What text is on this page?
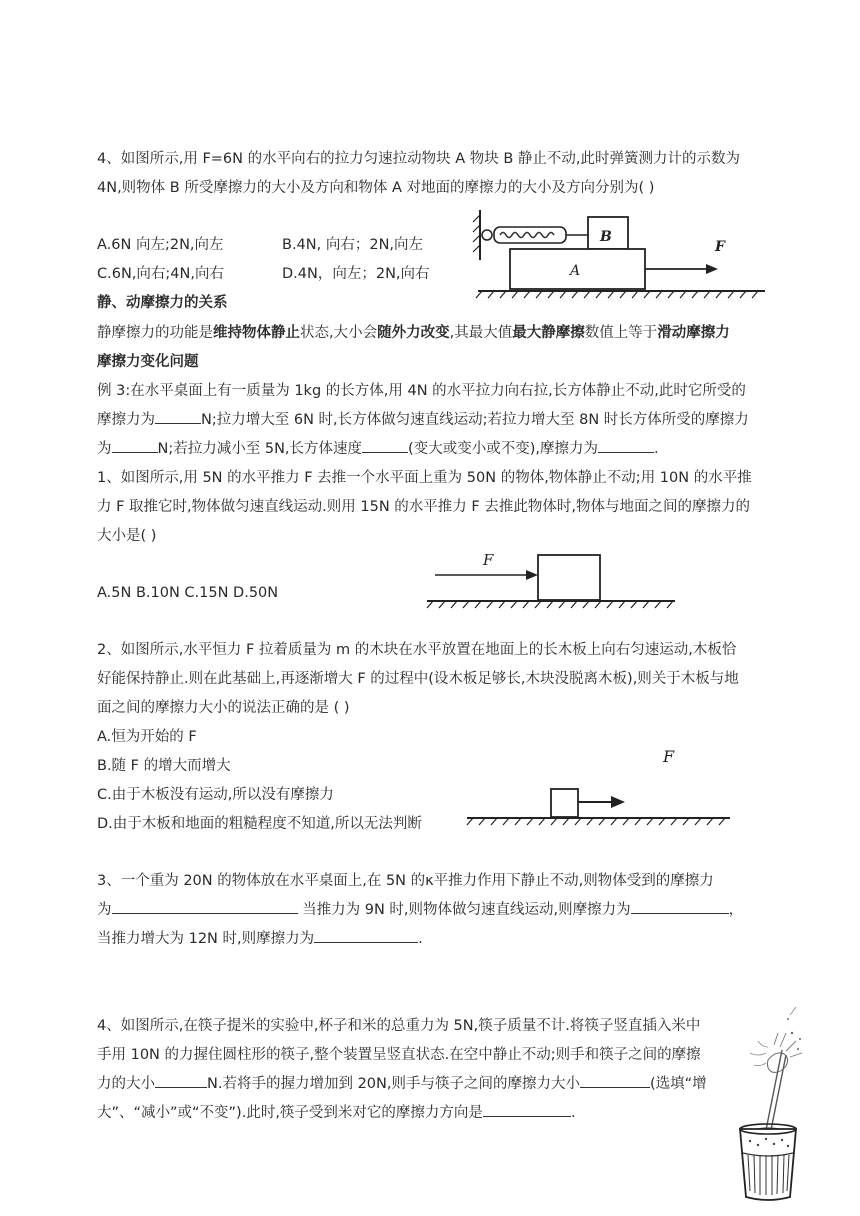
4、如图所示,用 F=6N 的水平向右的拉力匀速拉动物块 A 物块 B 静止不动,此时弹簧测力计的示数为
4N,则物体 B 所受摩擦力的大小及方向和物体 A 对地面的摩擦力的大小及方向分别为( )
A.6N 向左;2N,向左	B.4N, 向右；2N,向左
C.6N,向右;4N,向右	D.4N，向左；2N,向右
B
A
F
静、动摩擦力的关系
静摩擦力的功能是维持物体静止状态,大小会随外力改变,其最大值最大静摩擦数值上等于滑动摩擦力
摩擦力变化问题
例 3:在水平桌面上有一质量为 1kg 的长方体,用 4N 的水平拉力向右拉,长方体静止不动,此时它所受的
摩擦力为	N;拉力增大至 6N 时,长方体做匀速直线运动;若拉力增大至 8N 时长方体所受的摩擦力
为	N;若拉力减小至 5N,长方体速度	(变大或变小或不变),摩擦力为	.
1、如图所示,用 5N 的水平推力 F 去推一个水平面上重为 50N 的物体,物体静止不动;用 10N 的水平推
力 F 取推它时,物体做匀速直线运动.则用 15N 的水平推力 F 去推此物体时,物体与地面之间的摩擦力的
大小是( )
A.5N B.10N C.15N D.50N
F
2、如图所示,水平恒力 F 拉着质量为 m 的木块在水平放置在地面上的长木板上向右匀速运动,木板恰
好能保持静止.则在此基础上,再逐渐增大 F 的过程中(设木板足够长,木块没脱离木板),则关于木板与地
面之间的摩擦力大小的说法正确的是 ( )
A.恒为开始的 F
B.随 F 的增大而增大
C.由于木板没有运动,所以没有摩擦力
D.由于木板和地面的粗糙程度不知道,所以无法判断
F
3、一个重为 20N 的物体放在水平桌面上,在 5N 的κ平推力作用下静止不动,则物体受到的摩擦力
为	当推力为 9N 时,则物体做匀速直线运动,则摩擦力为	，
当推力增大为 12N 时,则摩擦力为	.
4、如图所示,在筷子提米的实验中,杯子和米的总重力为 5N,筷子质量不计.将筷子竖直插入米中
手用 10N 的力握住圆柱形的筷子,整个装置呈竖直状态.在空中静止不动;则手和筷子之间的摩擦
力的大小	N.若将手的握力增加到 20N,则手与筷子之间的摩擦力大小	(选填“增
大”、“减小”或“不变”).此时,筷子受到米对它的摩擦力方向是	.
